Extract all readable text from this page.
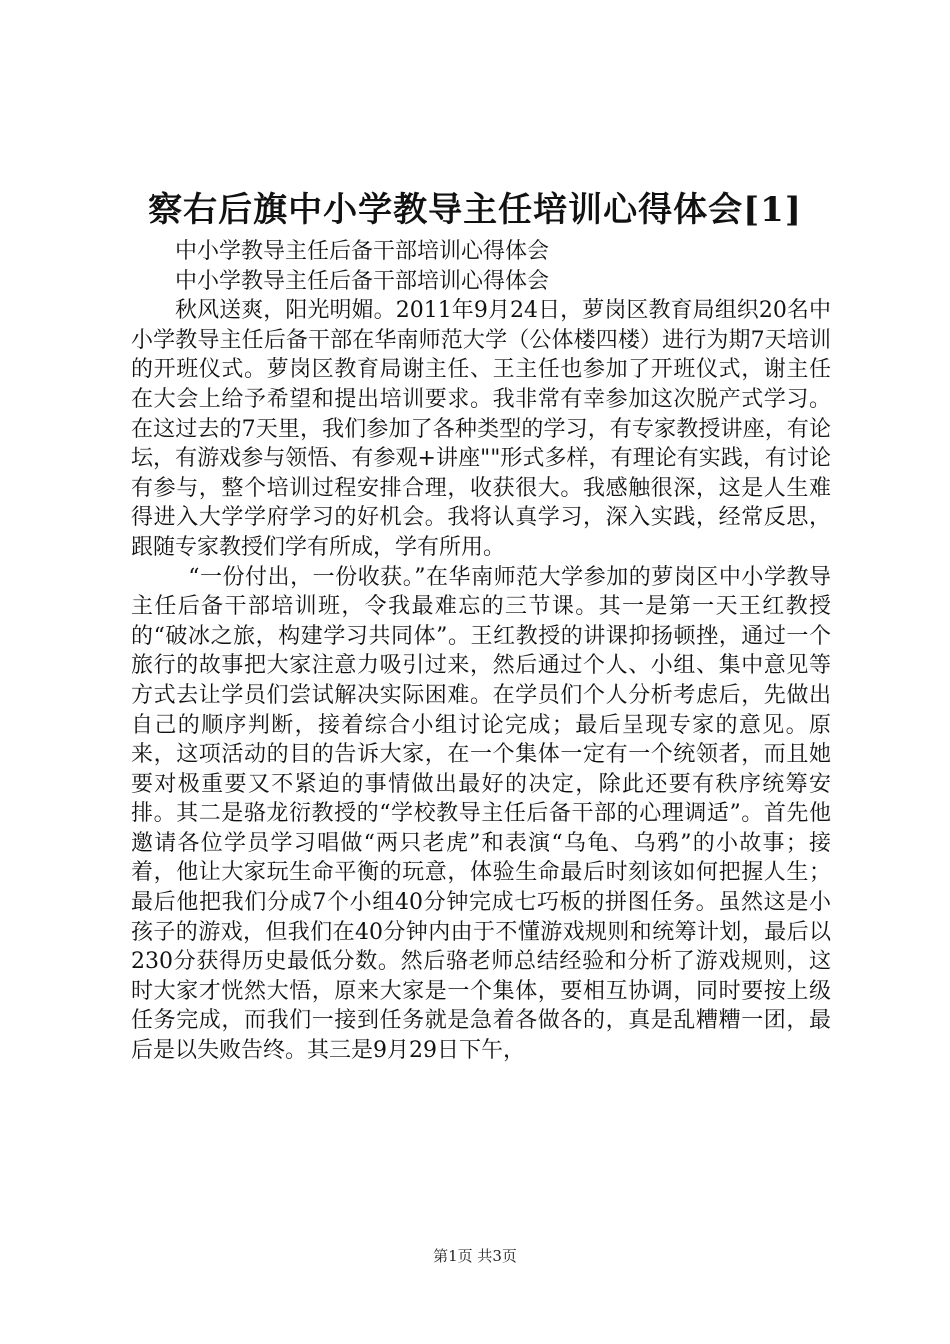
察右后旗中小学教导主任培训心得体会[1]

中小学教导主任后备干部培训心得体会

中小学教导主任后备干部培训心得体会

秋风送爽，阳光明媚。2011年9月24日，萝岗区教育局组织20名中小学教导主任后备干部在华南师范大学（公体楼四楼）进行为期7天培训的开班仪式。萝岗区教育局谢主任、王主任也参加了开班仪式，谢主任在大会上给予希望和提出培训要求。我非常有幸参加这次脱产式学习。在这过去的7天里，我们参加了各种类型的学习，有专家教授讲座，有论坛，有游戏参与领悟、有参观+讲座""形式多样，有理论有实践，有讨论有参与，整个培训过程安排合理，收获很大。我感触很深，这是人生难得进入大学学府学习的好机会。我将认真学习，深入实践，经常反思，跟随专家教授们学有所成，学有所用。

“一份付出，一份收获。”在华南师范大学参加的萝岗区中小学教导主任后备干部培训班，令我最难忘的三节课。其一是第一天王红教授的“破冰之旅，构建学习共同体”。王红教授的讲课抑扬顿挫，通过一个旅行的故事把大家注意力吸引过来，然后通过个人、小组、集中意见等方式去让学员们尝试解决实际困难。在学员们个人分析考虑后，先做出自己的顺序判断，接着综合小组讨论完成；最后呈现专家的意见。原来，这项活动的目的告诉大家，在一个集体一定有一个统领者，而且她要对极重要又不紧迫的事情做出最好的决定，除此还要有秩序统筹安排。其二是骆龙衍教授的“学校教导主任后备干部的心理调适”。首先他邀请各位学员学习唱做“两只老虎”和表演“乌龟、乌鸦”的小故事；接着，他让大家玩生命平衡的玩意，体验生命最后时刻该如何把握人生；最后他把我们分成7个小组40分钟完成七巧板的拼图任务。虽然这是小孩子的游戏，但我们在40分钟内由于不懂游戏规则和统筹计划，最后以230分获得历史最低分数。然后骆老师总结经验和分析了游戏规则，这时大家才恍然大悟，原来大家是一个集体，要相互协调，同时要按上级任务完成，而我们一接到任务就是急着各做各的，真是乱糟糟一团，最后是以失败告终。其三是9月29日下午，

第1页 共3页
